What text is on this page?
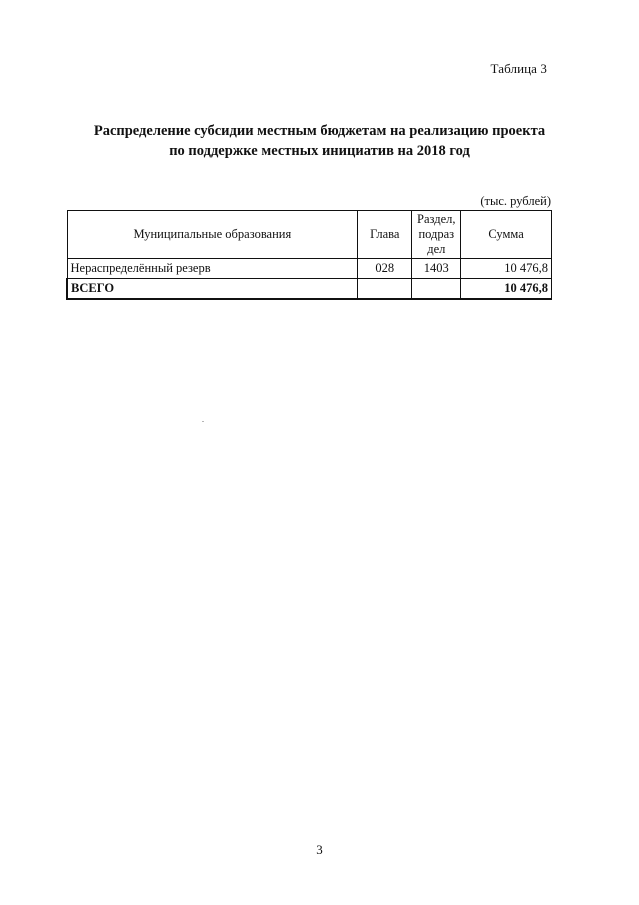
Таблица 3
Распределение субсидии местным бюджетам на реализацию проекта
по поддержке местных инициатив на 2018 год
(тыс. рублей)
Муниципальные образования	Глава	Раздел, подраз дел	Сумма
Нераспределённый резерв	028	1403	10 476,8
ВСЕГО			10 476,8
3
